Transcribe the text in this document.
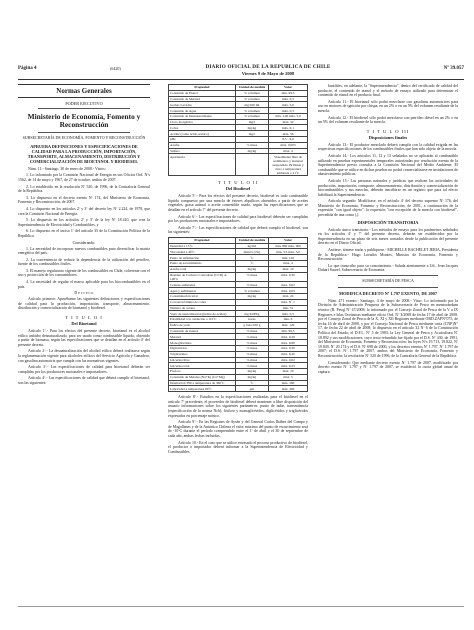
Página 4	(6420)	DIARIO OFICIAL DE LA REPUBLICA DE CHILE
Viernes 9 de Mayo de 2008
Nº 39.057
Normas Generales
PODER EJECUTIVO
Ministerio de Economía, Fomento y Reconstrucción
SUBSECRETARÍA DE ECONOMÍA, FOMENTO Y RECONSTRUCCIÓN
APRUEBA DEFINICIONES Y ESPECIFICACIONES DE CALIDAD PARA LA PRODUCCIÓN, IMPORTACIÓN, TRANSPORTE, ALMACENAMIENTO, DISTRIBUCIÓN Y COMERCIALIZACIÓN DE BIOETANOL Y BIODIESEL
Núm. 11.- Santiago, 30 de enero de 2008.- Vistos:
1. Lo informado por la Comisión Nacional de Energía en sus Oficios Ord. Nºs 1562, de 14 de mayo y 1967, de 27 de octubre, ambos de 2007.
2. Lo establecido en la resolución Nº 520, de 1996, de la Contraloría General de la República.
3. Lo dispuesto en el decreto exento Nº 174, del Ministerio de Economía, Fomento y Reconstrucción, de 2007.
4. Lo dispuesto en los artículos 2º y 3º del decreto ley Nº 2.224, de 1978, que crea la Comisión Nacional de Energía.
5. Lo dispuesto en los artículos 2º y 3º de la ley Nº 18.410, que crea la Superintendencia de Electricidad y Combustibles, y
6. Lo dispuesto en el inciso 1º del artículo 35 de la Constitución Política de la República.
Considerando:
1. La necesidad de incorporar nuevos combustibles para diversificar la matriz energética del país.
2. La conveniencia de reducir la dependencia de la utilización del petróleo, fuente de los combustibles fósiles.
3. El manejo regulatorio vigente de los combustibles en Chile, coherente con el uso y protección de los consumidores.
4. La necesidad de regular el marco aplicable para los biocombustibles en el país.
D e c r e t o:
Artículo primero: Apruébanse las siguientes definiciones y especificaciones de calidad para la producción, importación, transporte, almacenamiento, distribución y comercialización de bioetanol y biodiesel.
T I T U L O I
Del Bioetanol
Artículo 1º.- Para los efectos del presente decreto, bioetanol es el alcohol etílico anhidro desnaturalizado, para ser usado como combustible líquido, obtenido a partir de biomasa, según las especificaciones que se detallan en el artículo 4º del presente decreto.
Artículo 2º.- La desnaturalización del alcohol etílico deberá realizarse según la reglamentación vigente para alcoholes etílicos del Servicio Agrícola y Ganadero, con gasolina automotriz que cumpla con las normativas vigentes.
Artículo 3º.- Las especificaciones de calidad para bioetanol deberán ser cumplidas por los productores nacionales e importadores.
Artículo 4º.- Las especificaciones de calidad que deberá cumplir el bioetanol, son las siguientes:
Propiedad	Unidad de medida	Valor
Contenido de Etanol	% volumen	mín. 99,5
Contenido de Metanol	% volumen	máx. 0,5
Gomas Lavadas	mg/100 ml	máx. 5,0
Contenido de Agua	% volumen	máx. 0,3
Contenido de Desnaturalizante	% volumen	mín. 1,96 máx. 5,0
Cloro inorgánico	mg/l	máx. 32
Cobre	mg/kg	máx. 0,1
Acidez (como ácido acético)	mg/l	máx. 56
pHe		6,5 - 9,0
Azufre	% masa	máx. 0,003
Sulfato	mg/kg	máx. 4
Apariencia		Visualmente libre de sedimentos y material suspendido. Brillante y claro a temperatura ambiente o 21ºC
T I T U L O II
Del Biodiesel
Artículo 5º.- Para los efectos del presente decreto, biodiesel es todo combustible líquido compuesto por una mezcla de ésteres alquílicos obtenidos a partir de aceites vegetales, grasa animal o aceite comestible usado, según las especificaciones que se detallan en el artículo 7º del presente decreto.
Artículo 6º.- Las especificaciones de calidad para biodiesel deberán ser cumplidas por los productores nacionales e importadores.
Artículo 7º.- Las especificaciones de calidad que deberá cumplir el biodiesel, son las siguientes:
Propiedad	Unidad de medida	Valor
Densidad a 15ºC	kg/m3	mín. 860 máx. 900
Viscosidad a 40ºC	mm2/s (cSt)	mín. 3,5 máx. 5,0
Punto de inflamación	ºC	mín. 120
Punto de escurrimiento	ºC	máx. 4
Azufre total	mg/kg	máx. 10
Residuo de Carbono Conradson (CCR) al 100%	% masa	máx. 0,30
Cenizas sulfatadas	% masa	máx. 0,02
Agua y sedimentos	% volumen	máx. 0,05
Contaminación total	mg/kg	máx. 24
Corrosión lámina de cobre		máx. Nº 1
Número de cetano		mín. 51
Valor de neutralización (índice de acidez)	mg KOH/g	máx. 0,5
Estabilidad a la oxidación a 110ºC	horas	mín. 6
Índice de yodo	g iodo/100 g	máx. 120
Contenido de ésteres	% masa	mín. 96,5
Metanol	% masa	máx. 0,20
Monoglicéridos	% masa	máx. 0,80
Diglicéridos	% masa	máx. 0,20
Triglicéridos	% masa	máx. 0,20
Glicerina libre	% masa	máx. 0,02
Glicerina total	% masa	máx. 0,25
Fósforo	mg/kg	máx. 10
Contenido de Metales (Na+K) (Ca+Mg)	mg/kg	máx. 5
Destilación T90 a temperatura de 360ºC	ºC	máx. 360
Lubricidad a temperatura 60ºC	μm	máx. 460
Artículo 8º.- Estudios en la especificaciones realizadas para el biodiesel en el artículo 7º precedente, el proveedor de biodiesel deberá mantener a libre disposición del usuario informaciones sobre los siguientes parámetros: punto de nube, transmitancia (especificación de la norma Nch), fósforo y monoglicéridos, diglicéridos y triglicéridos expresados en porcentaje másico.
Artículo 9º.- En las Regiones de Aysén y del General Carlos Ibáñez del Campo y de Magallanes y de la Antártica Chilena el valor máximo del punto de escurrimiento será de -10ºC durante el período comprendido entre el 1º de abril y el 30 de septiembre de cada año, ambas fechas incluidas.
Artículo 10.- En el caso que se utilice envasado el proceso productivo de biodiesel, el productor o importador deberá informar a la Superintendencia de Electricidad y Combustibles.
bustibles, en adelante, la "Superintendencia", dentro del certificado de calidad del producto, el contenido de etanol y el método de ensayo utilizado para determinar el contenido de etanol en el producto final.
Artículo 11.- El bioetanol sólo podrá mezclarse con gasolinas automotrices para uso en motores de ignición por chispa, en un 2% o en un 5% del volumen resultante de la mezcla.
Artículo 12.- El biodiesel sólo podrá mezclarse con petróleo diésel en un 2% o en un 5% del volumen resultante de la mezcla.
T I T U L O III
Disposiciones finales
Artículo 13.- El productor mezclado deberá cumplir con la calidad exigida en las respectivas especificaciones de los combustibles fósiles que han sido objeto de la mezcla.
Artículo 14.- Los artículos 11, 12 y 13 señalados no se aplicarán al combustible utilizado en pruebas experimentales temporales autorizadas por resolución exenta de la Superintendencia previo consulta a la Comisión Nacional del Medio Ambiente. El combustible que se utilice en dichas pruebas no podrá comercializarse en instalaciones de abastecimiento públicas.
Artículo 15.- Las personas naturales y jurídicas que realicen las actividades de producción, importación, transporte, almacenamiento, distribución y comercialización de biocombustibles y sus mezclas, deberán inscribirse en un registro que para tal efecto habilitará la Superintendencia.
Artículo segundo: Modifícase, en el artículo 4º del decreto supremo Nº 176, del Ministerio de Economía, Fomento y Reconstrucción, de 2001, a continuación de la expresión "con igual objeto", la expresión "con excepción de la mezcla con biodiesel", precedida de una coma (,).
DISPOSICIÓN TRANSITORIA
Artículo único transitorio.- Los métodos de ensayo para los parámetros señalados en los artículos 4º y 7º del presente decreto, deberán ser establecidos por la Superintendencia en un plazo de seis meses contados desde la publicación del presente decreto en el Diario Oficial.
Anótese, tómese razón y publíquese.- MICHELLE BACHELET JERIA, Presidenta de la República.- Hugo Lavados Montes, Ministro de Economía, Fomento y Reconstrucción.
Lo que transcribo para su conocimiento.- Saluda atentamente a Ud., Jean Jacques Duhart Saurel, Subsecretario de Economía.
SUBSECRETARÍA DE PESCA
MODIFICA DECRETO Nº 1.797 EXENTO, DE 2007
Núm. 471 exento.- Santiago, 4 de mayo de 2008.- Visto: Lo informado por la División de Administración Pesquera de la Subsecretaría de Pesca en memorándum técnico (R. Pesq) Nº 47/2008; lo informado por el Consejo Zonal de Pesca de la V a IX Regiones e Islas Oceánicas mediante oficio Ord. Nº 3/2008 de fecha 17 de abril de 2008, por el Consejo Zonal de Pesca de la X, XI y XII Regiones mediante ORD.ZAPN°075, de fecha 16 de abril de 2008, y por el Consejo Nacional de Pesca mediante carta (CNP)N° 17, de fecha 22 de abril de 2008; lo dispuesto en el artículo 32 Nº 6 de la Constitución Política del Estado; el D.F.L. Nº 5 de 1983; la Ley General de Pesca y Acuicultura Nº 18.892 y sus modificaciones, cuyo texto refundido fue fijado por el D.S. Nº 430, de 1991, del Ministerio de Economía, Fomento y Reconstrucción; las leyes Nºs 19.713, 19.822, Nº 19.849, Nº 20.174 y el D.S. Nº 698 de 2000, y los decretos exentos Nº 1.797, Nº 1.797 de 2007; el D.S. Nº 1.797 de 2007, ambos del Ministerio de Economía, Fomento y Reconstrucción; la resolución Nº 520 de 1996, de la Contraloría General de la República.
Considerando: Que mediante decreto exento Nº 1.797 de 2007, modificado por decreto exento Nº 1.797 y Nº 1.797 de 2007, se estableció la cuota global anual de captura.
